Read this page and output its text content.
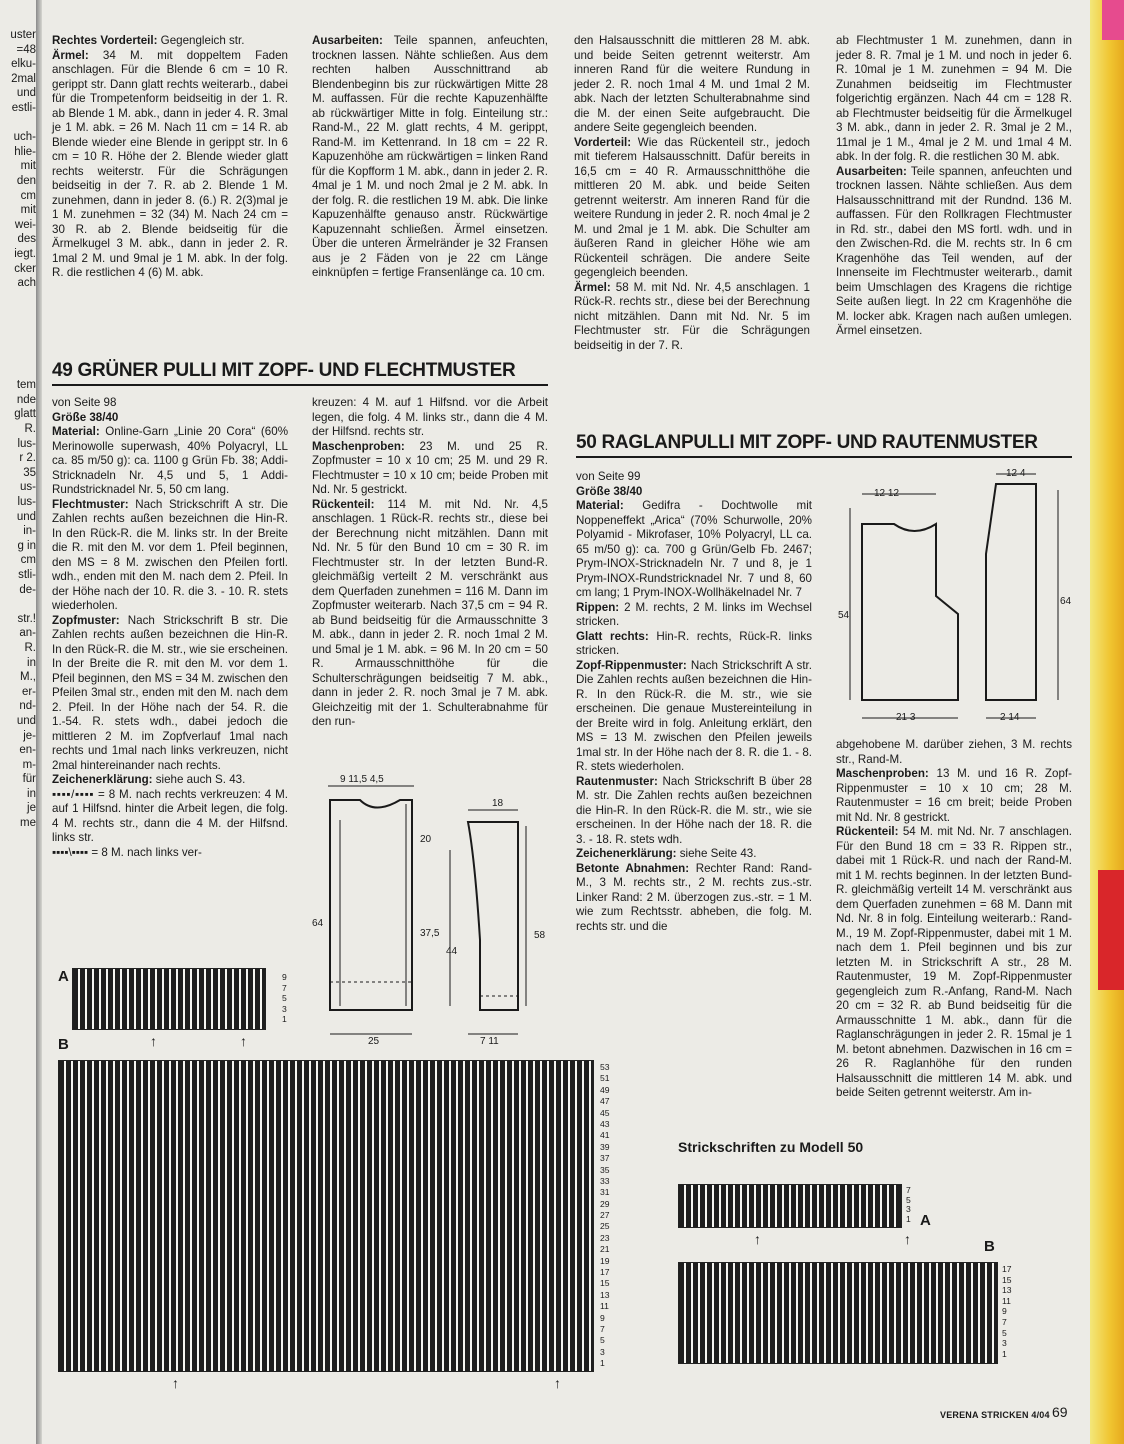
uster
=48
elku-
2mal
und
estli-
uch-
hlie-
mit
den
cm
mit
wei-
des
iegt.
cker
ach
tem
nde
glatt
R.
lus-
r 2.
35
us-
lus-
und
in-
g in
cm
stli-
de-
str.!
an-
R.
in
M.,
er-
nd-
und
je-
en-
m-
für
in
je
me

Rechtes Vorderteil: Gegengleich str.

Ärmel: 34 M. mit doppeltem Faden anschlagen. Für die Blende 6 cm = 10 R. gerippt str. Dann glatt rechts weiterarb., dabei für die Trompetenform beidseitig in der 1. R. ab Blende 1 M. abk., dann in jeder 4. R. 3mal je 1 M. abk. = 26 M. Nach 11 cm = 14 R. ab Blende wieder eine Blende in gerippt str. In 6 cm = 10 R. Höhe der 2. Blende wieder glatt rechts weiterstr. Für die Schrägungen beidseitig in der 7. R. ab 2. Blende 1 M. zunehmen, dann in jeder 8. (6.) R. 2(3)mal je 1 M. zunehmen = 32 (34) M. Nach 24 cm = 30 R. ab 2. Blende beidseitig für die Ärmelkugel 3 M. abk., dann in jeder 2. R. 1mal 2 M. und 9mal je 1 M. abk. In der folg. R. die restlichen 4 (6) M. abk.

Ausarbeiten: Teile spannen, anfeuchten, trocknen lassen. Nähte schließen. Aus dem rechten halben Ausschnittrand ab Blendenbeginn bis zur rückwärtigen Mitte 28 M. auffassen. Für die rechte Kapuzenhälfte ab rückwärtiger Mitte in folg. Einteilung str.: Rand-M., 22 M. glatt rechts, 4 M. gerippt, Rand-M. im Kettenrand. In 18 cm = 22 R. Kapuzenhöhe am rückwärtigen = linken Rand für die Kopfform 1 M. abk., dann in jeder 2. R. 4mal je 1 M. und noch 2mal je 2 M. abk. In der folg. R. die restlichen 19 M. abk. Die linke Kapuzenhälfte genauso anstr. Rückwärtige Kapuzennaht schließen. Ärmel einsetzen. Über die unteren Ärmelränder je 32 Fransen aus je 2 Fäden von je 22 cm Länge einknüpfen = fertige Fransenlänge ca. 10 cm.

den Halsausschnitt die mittleren 28 M. abk. und beide Seiten getrennt weiterstr. Am inneren Rand für die weitere Rundung in jeder 2. R. noch 1mal 4 M. und 1mal 2 M. abk. Nach der letzten Schulterabnahme sind die M. der einen Seite aufgebraucht. Die andere Seite gegengleich beenden.

Vorderteil: Wie das Rückenteil str., jedoch mit tieferem Halsausschnitt. Dafür bereits in 16,5 cm = 40 R. Armausschnitthöhe die mittleren 20 M. abk. und beide Seiten getrennt weiterstr. Am inneren Rand für die weitere Rundung in jeder 2. R. noch 4mal je 2 M. und 2mal je 1 M. abk. Die Schulter am äußeren Rand in gleicher Höhe wie am Rückenteil schrägen. Die andere Seite gegengleich beenden.

Ärmel: 58 M. mit Nd. Nr. 4,5 anschlagen. 1 Rück-R. rechts str., diese bei der Berechnung nicht mitzählen. Dann mit Nd. Nr. 5 im Flechtmuster str. Für die Schrägungen beidseitig in der 7. R.

ab Flechtmuster 1 M. zunehmen, dann in jeder 8. R. 7mal je 1 M. und noch in jeder 6. R. 10mal je 1 M. zunehmen = 94 M. Die Zunahmen beidseitig im Flechtmuster folgerichtig ergänzen. Nach 44 cm = 128 R. ab Flechtmuster beidseitig für die Ärmelkugel 3 M. abk., dann in jeder 2. R. 3mal je 2 M., 11mal je 1 M., 4mal je 2 M. und 1mal 4 M. abk. In der folg. R. die restlichen 30 M. abk.

Ausarbeiten: Teile spannen, anfeuchten und trocknen lassen. Nähte schließen. Aus dem Halsausschnittrand mit der Rundnd. 136 M. auffassen. Für den Rollkragen Flechtmuster in Rd. str., dabei den MS fortl. wdh. und in den Zwischen-Rd. die M. rechts str. In 6 cm Kragenhöhe das Teil wenden, auf der Innenseite im Flechtmuster weiterarb., damit beim Umschlagen des Kragens die richtige Seite außen liegt. In 22 cm Kragenhöhe die M. locker abk. Kragen nach außen umlegen. Ärmel einsetzen.

49 GRÜNER PULLI MIT ZOPF- UND FLECHTMUSTER
50 RAGLANPULLI MIT ZOPF- UND RAUTENMUSTER

von Seite 98

Größe 38/40

Material: Online-Garn „Linie 20 Cora“ (60% Merinowolle superwash, 40% Polyacryl, LL ca. 85 m/50 g): ca. 1100 g Grün Fb. 38; Addi-Stricknadeln Nr. 4,5 und 5, 1 Addi-Rundstricknadel Nr. 5, 50 cm lang.

Flechtmuster: Nach Strickschrift A str. Die Zahlen rechts außen bezeichnen die Hin-R. In den Rück-R. die M. links str. In der Breite die R. mit den M. vor dem 1. Pfeil beginnen, den MS = 8 M. zwischen den Pfeilen fortl. wdh., enden mit den M. nach dem 2. Pfeil. In der Höhe nach der 10. R. die 3. - 10. R. stets wiederholen.

Zopfmuster: Nach Strickschrift B str. Die Zahlen rechts außen bezeichnen die Hin-R. In den Rück-R. die M. str., wie sie erscheinen. In der Breite die R. mit den M. vor dem 1. Pfeil beginnen, den MS = 34 M. zwischen den Pfeilen 3mal str., enden mit den M. nach dem 2. Pfeil. In der Höhe nach der 54. R. die 1.-54. R. stets wdh., dabei jedoch die mittleren 2 M. im Zopfverlauf 1mal nach rechts und 1mal nach links verkreuzen, nicht 2mal hintereinander nach rechts.

Zeichenerklärung: siehe auch S. 43.

▪▪▪▪/▪▪▪▪ = 8 M. nach rechts verkreuzen: 4 M. auf 1 Hilfsnd. hinter die Arbeit legen, die folg. 4 M. rechts str., dann die 4 M. der Hilfsnd. links str.

▪▪▪▪\▪▪▪▪ = 8 M. nach links ver-

kreuzen: 4 M. auf 1 Hilfsnd. vor die Arbeit legen, die folg. 4 M. links str., dann die 4 M. der Hilfsnd. rechts str.

Maschenproben: 23 M. und 25 R. Zopfmuster = 10 x 10 cm; 25 M. und 29 R. Flechtmuster = 10 x 10 cm; beide Proben mit Nd. Nr. 5 gestrickt.

Rückenteil: 114 M. mit Nd. Nr. 4,5 anschlagen. 1 Rück-R. rechts str., diese bei der Berechnung nicht mitzählen. Dann mit Nd. Nr. 5 für den Bund 10 cm = 30 R. im Flechtmuster str. In der letzten Bund-R. gleichmäßig verteilt 2 M. verschränkt aus dem Querfaden zunehmen = 116 M. Dann im Zopfmuster weiterarb. Nach 37,5 cm = 94 R. ab Bund beidseitig für die Armausschnitte 3 M. abk., dann in jeder 2. R. noch 1mal 2 M. und 5mal je 1 M. abk. = 96 M. In 20 cm = 50 R. Armausschnitthöhe für die Schulterschrägungen beidseitig 7 M. abk., dann in jeder 2. R. noch 3mal je 7 M. abk. Gleichzeitig mit der 1. Schulterabnahme für den run-

von Seite 99

Größe 38/40

Material: Gedifra - Dochtwolle mit Noppeneffekt „Arica“ (70% Schurwolle, 20% Polyamid - Mikrofaser, 10% Polyacryl, LL ca. 65 m/50 g): ca. 700 g Grün/Gelb Fb. 2467; Prym-INOX-Stricknadeln Nr. 7 und 8, je 1 Prym-INOX-Rundstricknadel Nr. 7 und 8, 60 cm lang; 1 Prym-INOX-Wollhäkelnadel Nr. 7

Rippen: 2 M. rechts, 2 M. links im Wechsel stricken.

Glatt rechts: Hin-R. rechts, Rück-R. links stricken.

Zopf-Rippenmuster: Nach Strickschrift A str. Die Zahlen rechts außen bezeichnen die Hin-R. In den Rück-R. die M. str., wie sie erscheinen. Die genaue Mustereinteilung in der Breite wird in folg. Anleitung erklärt, den MS = 13 M. zwischen den Pfeilen jeweils 1mal str. In der Höhe nach der 8. R. die 1. - 8. R. stets wiederholen.

Rautenmuster: Nach Strickschrift B über 28 M. str. Die Zahlen rechts außen bezeichnen die Hin-R. In den Rück-R. die M. str., wie sie erscheinen. In der Höhe nach der 18. R. die 3. - 18. R. stets wdh.

Zeichenerklärung: siehe Seite 43.

Betonte Abnahmen: Rechter Rand: Rand-M., 3 M. rechts str., 2 M. rechts zus.-str. Linker Rand: 2 M. überzogen zus.-str. = 1 M. wie zum Rechtsstr. abheben, die folg. M. rechts str. und die

abgehobene M. darüber ziehen, 3 M. rechts str., Rand-M.

Maschenproben: 13 M. und 16 R. Zopf-Rippenmuster = 10 x 10 cm; 28 M. Rautenmuster = 16 cm breit; beide Proben mit Nd. Nr. 8 gestrickt.

Rückenteil: 54 M. mit Nd. Nr. 7 anschlagen. Für den Bund 18 cm = 33 R. Rippen str., dabei mit 1 Rück-R. und nach der Rand-M. mit 1 M. rechts beginnen. In der letzten Bund-R. gleichmäßig verteilt 14 M. verschränkt aus dem Querfaden zunehmen = 68 M. Dann mit Nd. Nr. 8 in folg. Einteilung weiterarb.: Rand-M., 19 M. Zopf-Rippenmuster, dabei mit 1 M. nach dem 1. Pfeil beginnen und bis zur letzten M. in Strickschrift A str., 28 M. Rautenmuster, 19 M. Zopf-Rippenmuster gegengleich zum R.-Anfang, Rand-M. Nach 20 cm = 32 R. ab Bund beidseitig für die Armausschnitte 1 M. abk., dann für die Raglanschrägungen in jeder 2. R. 15mal je 1 M. betont abnehmen. Dazwischen in 16 cm = 26 R. Raglanhöhe für den runden Halsausschnitt die mittleren 14 M. abk. und beide Seiten getrennt weiterstr. Am in-

9 11,5 4,5
18
64
37,5
20
44
58
25	7 11
12 12
12 4
54
64
21 3	2 14
A	9
7
5
3
1
↑	↑
B
53
51
49
47
45
43
41
39
37
35
33
31
29
27
25
23
21
19
17
15
13
11
9
7
5
3
1
↑	↑
Strickschriften zu Modell 50
7
5
3
1 A
↑	↑	B
17
15
13
11
9
7
5
3
1
VERENA STRICKEN 4/04 69
